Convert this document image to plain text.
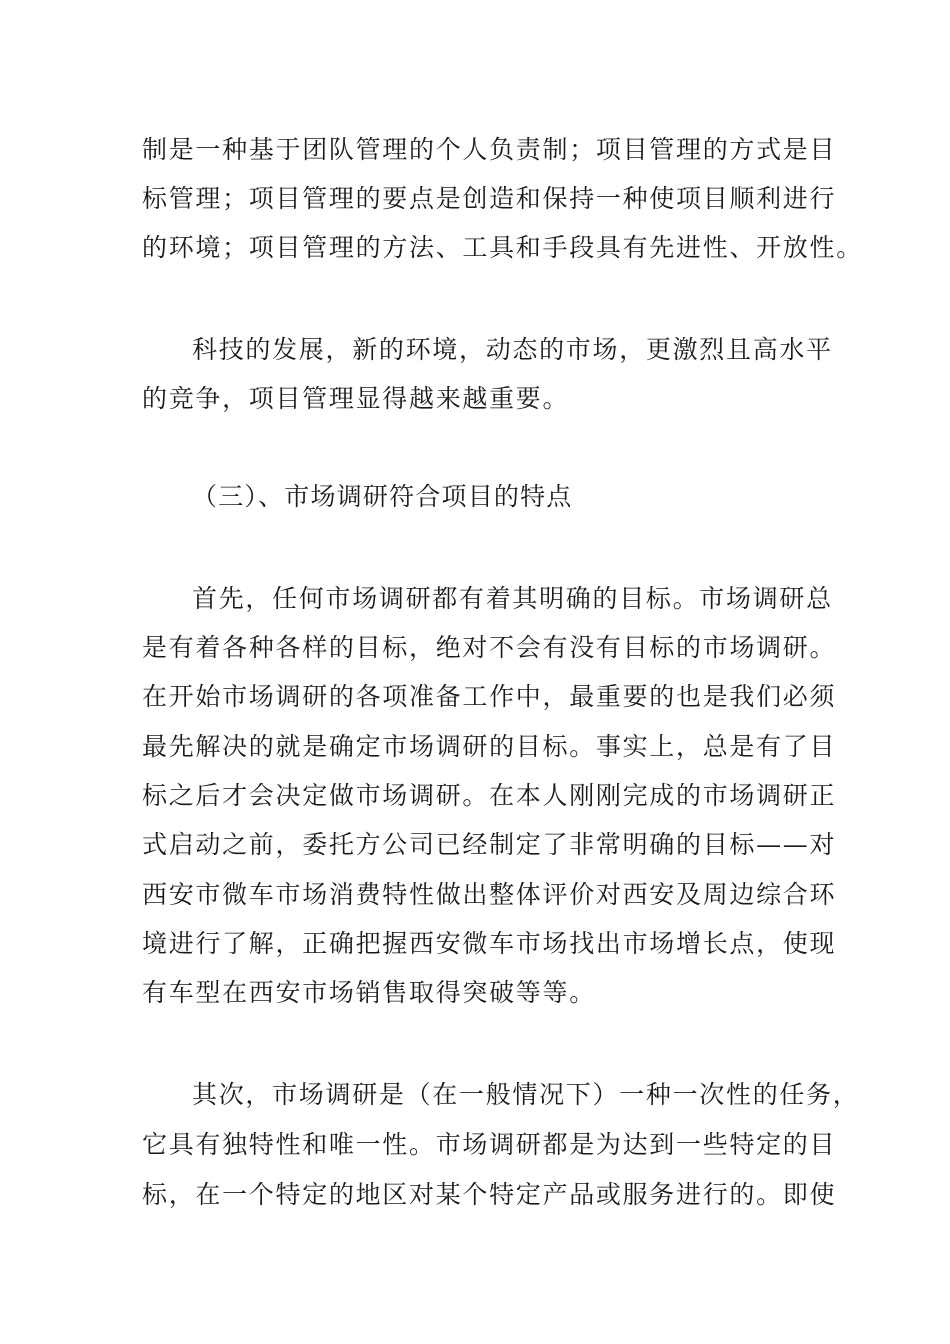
制是一种基于团队管理的个人负责制；项目管理的方式是目
标管理；项目管理的要点是创造和保持一种使项目顺利进行
的环境；项目管理的方法、工具和手段具有先进性、开放性。
科技的发展，新的环境，动态的市场，更激烈且高水平
的竞争，项目管理显得越来越重要。
（三）、市场调研符合项目的特点
首先，任何市场调研都有着其明确的目标。市场调研总
是有着各种各样的目标，绝对不会有没有目标的市场调研。
在开始市场调研的各项准备工作中，最重要的也是我们必须
最先解决的就是确定市场调研的目标。事实上，总是有了目
标之后才会决定做市场调研。在本人刚刚完成的市场调研正
式启动之前，委托方公司已经制定了非常明确的目标——对
西安市微车市场消费特性做出整体评价对西安及周边综合环
境进行了解，正确把握西安微车市场找出市场增长点，使现
有车型在西安市场销售取得突破等等。
其次，市场调研是（在一般情况下）一种一次性的任务，
它具有独特性和唯一性。市场调研都是为达到一些特定的目
标，在一个特定的地区对某个特定产品或服务进行的。即使
